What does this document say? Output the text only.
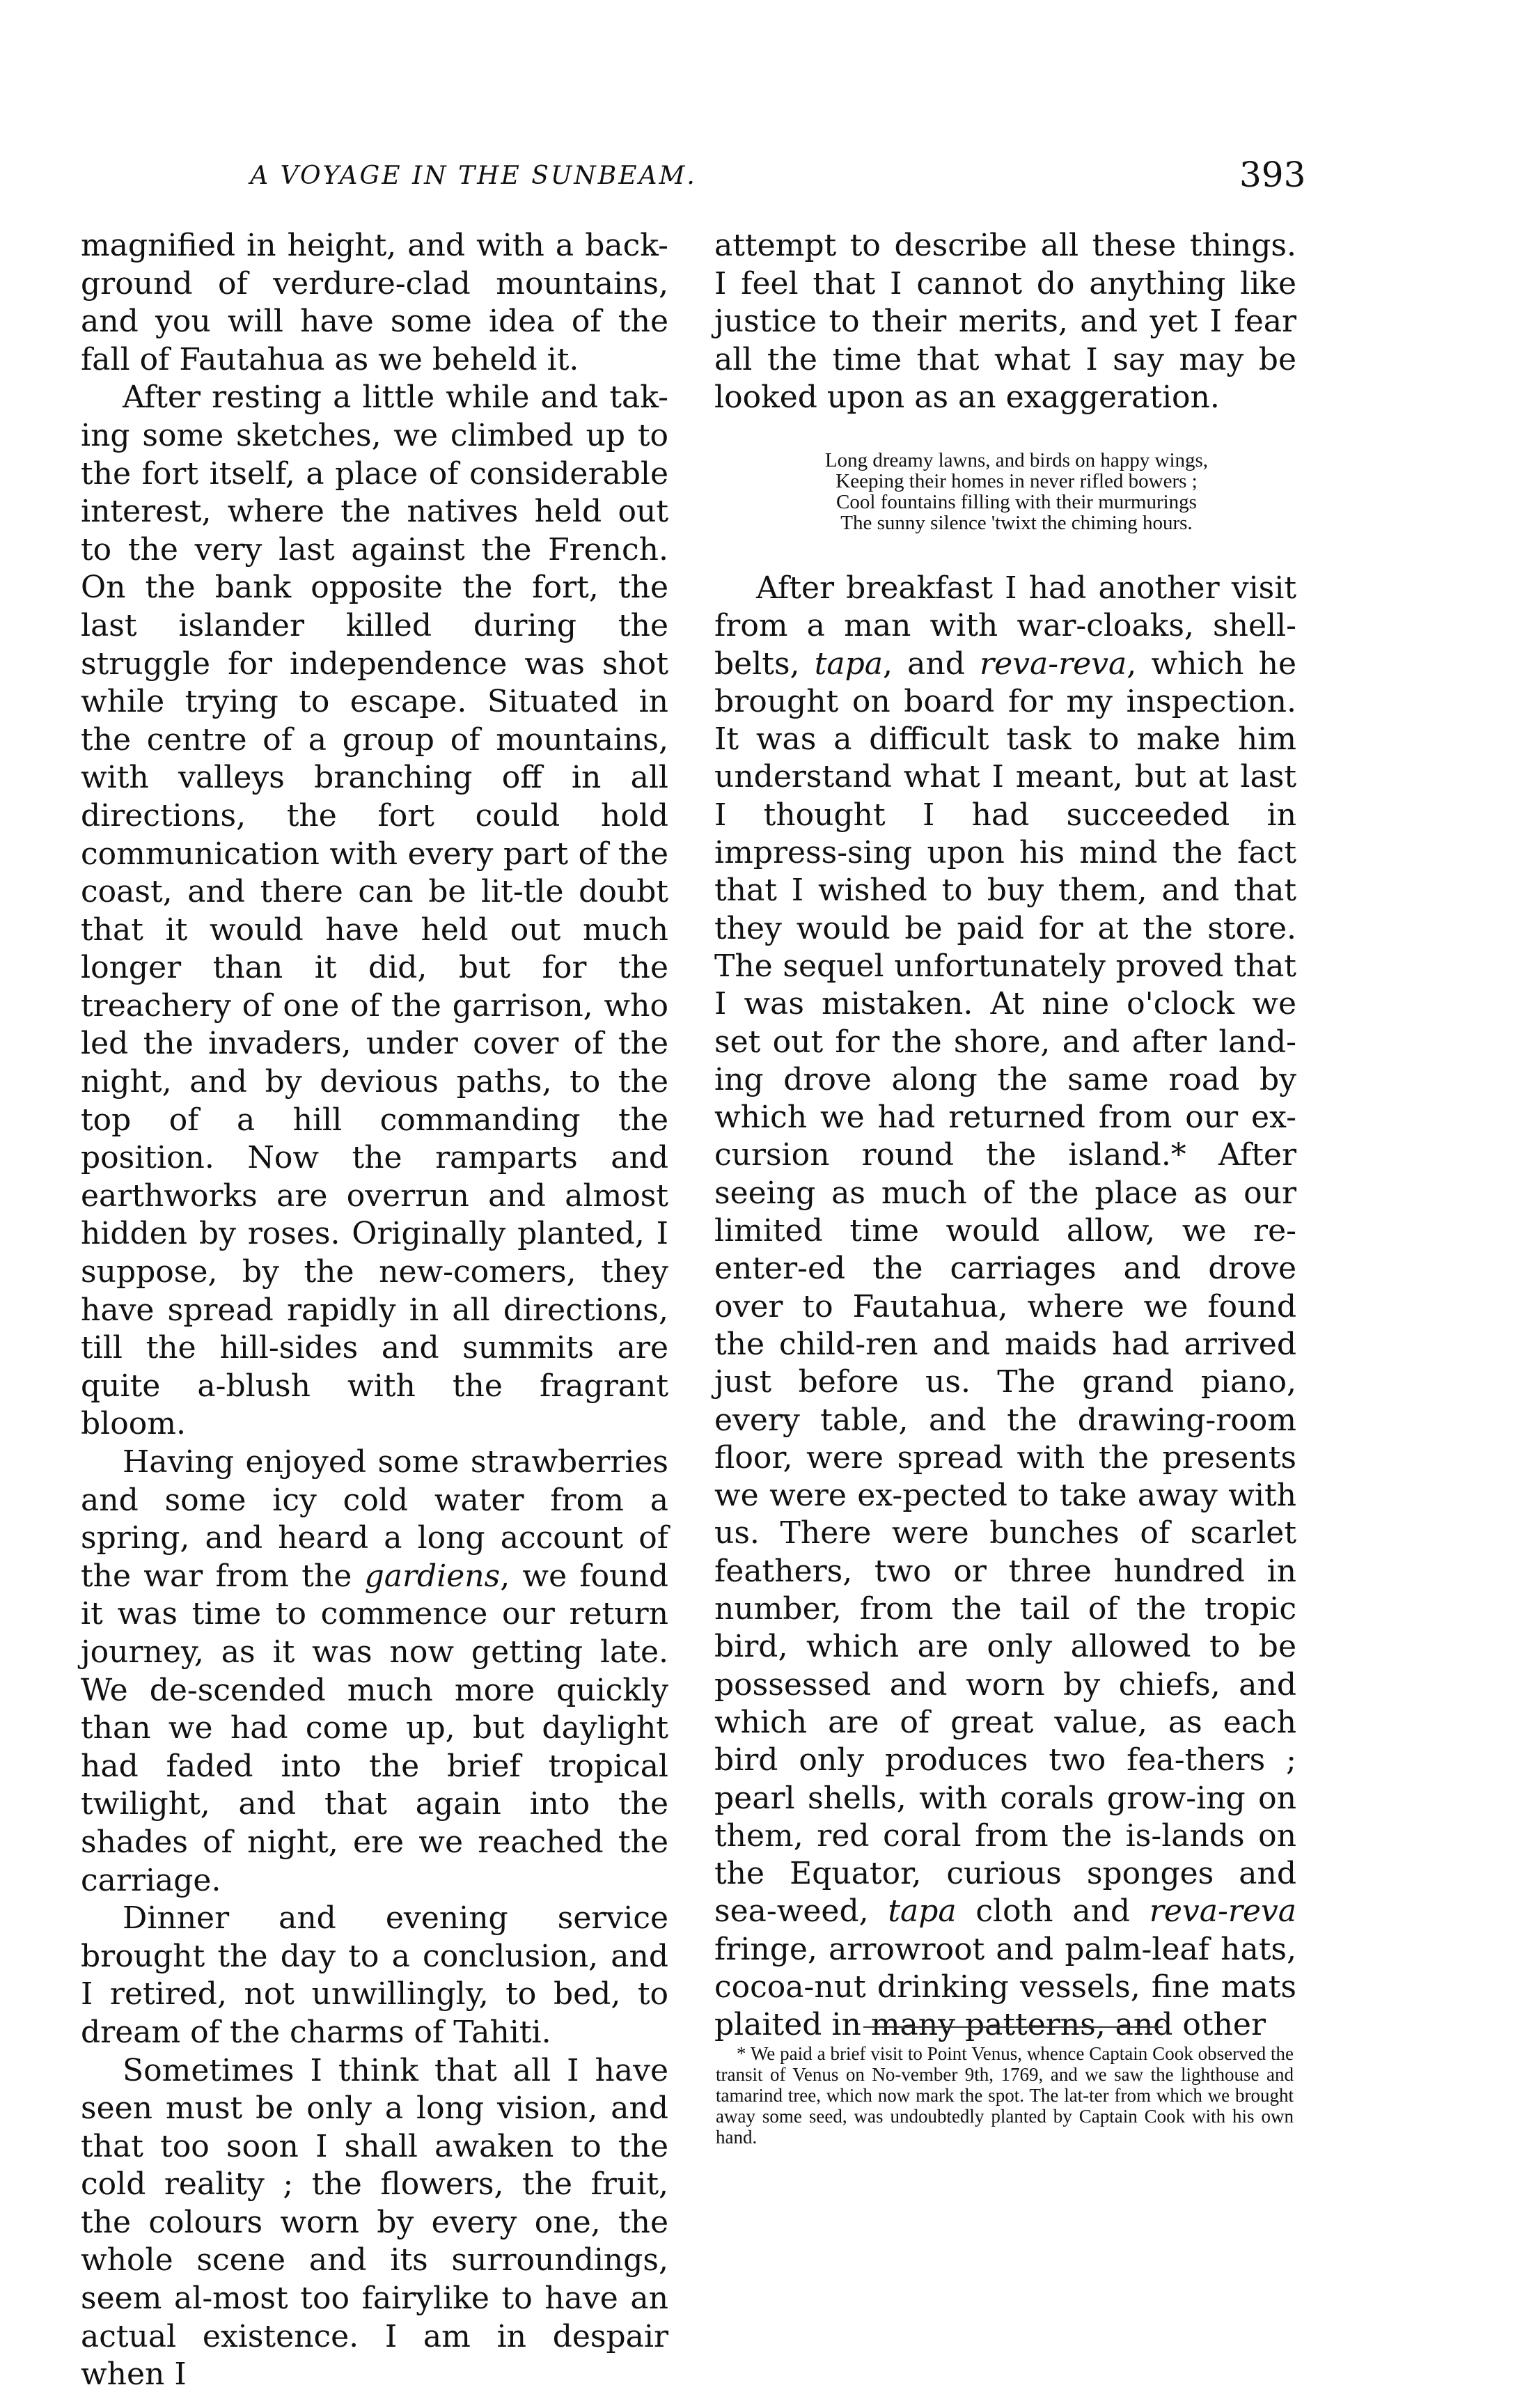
A VOYAGE IN THE SUNBEAM.	393

magnified in height, and with a back-ground of verdure-clad mountains, and you will have some idea of the fall of Fautahua as we beheld it.

After resting a little while and tak-ing some sketches, we climbed up to the fort itself, a place of considerable interest, where the natives held out to the very last against the French. On the bank opposite the fort, the last islander killed during the struggle for independence was shot while trying to escape. Situated in the centre of a group of mountains, with valleys branching off in all directions, the fort could hold communication with every part of the coast, and there can be lit-tle doubt that it would have held out much longer than it did, but for the treachery of one of the garrison, who led the invaders, under cover of the night, and by devious paths, to the top of a hill commanding the position. Now the ramparts and earthworks are overrun and almost hidden by roses. Originally planted, I suppose, by the new-comers, they have spread rapidly in all directions, till the hill-sides and summits are quite a-blush with the fragrant bloom.

Having enjoyed some strawberries and some icy cold water from a spring, and heard a long account of the war from the gardiens, we found it was time to commence our return journey, as it was now getting late. We de-scended much more quickly than we had come up, but daylight had faded into the brief tropical twilight, and that again into the shades of night, ere we reached the carriage.

Dinner and evening service brought the day to a conclusion, and I retired, not unwillingly, to bed, to dream of the charms of Tahiti.

Sometimes I think that all I have seen must be only a long vision, and that too soon I shall awaken to the cold reality ; the flowers, the fruit, the colours worn by every one, the whole scene and its surroundings, seem al-most too fairylike to have an actual existence. I am in despair when I

attempt to describe all these things. I feel that I cannot do anything like justice to their merits, and yet I fear all the time that what I say may be looked upon as an exaggeration.

Long dreamy lawns, and birds on happy wings,
Keeping their homes in never rifled bowers ;
Cool fountains filling with their murmurings
The sunny silence 'twixt the chiming hours.

After breakfast I had another visit from a man with war-cloaks, shell-belts, tapa, and reva-reva, which he brought on board for my inspection. It was a difficult task to make him understand what I meant, but at last I thought I had succeeded in impress-sing upon his mind the fact that I wished to buy them, and that they would be paid for at the store. The sequel unfortunately proved that I was mistaken. At nine o'clock we set out for the shore, and after land-ing drove along the same road by which we had returned from our ex-cursion round the island.* After seeing as much of the place as our limited time would allow, we re-enter-ed the carriages and drove over to Fautahua, where we found the child-ren and maids had arrived just before us. The grand piano, every table, and the drawing-room floor, were spread with the presents we were ex-pected to take away with us. There were bunches of scarlet feathers, two or three hundred in number, from the tail of the tropic bird, which are only allowed to be possessed and worn by chiefs, and which are of great value, as each bird only produces two fea-thers ; pearl shells, with corals grow-ing on them, red coral from the is-lands on the Equator, curious sponges and sea-weed, tapa cloth and reva-reva fringe, arrowroot and palm-leaf hats, cocoa-nut drinking vessels, fine mats plaited in many patterns, and other

* We paid a brief visit to Point Venus, whence Captain Cook observed the transit of Venus on No-vember 9th, 1769, and we saw the lighthouse and tamarind tree, which now mark the spot. The lat-ter from which we brought away some seed, was undoubtedly planted by Captain Cook with his own hand.
